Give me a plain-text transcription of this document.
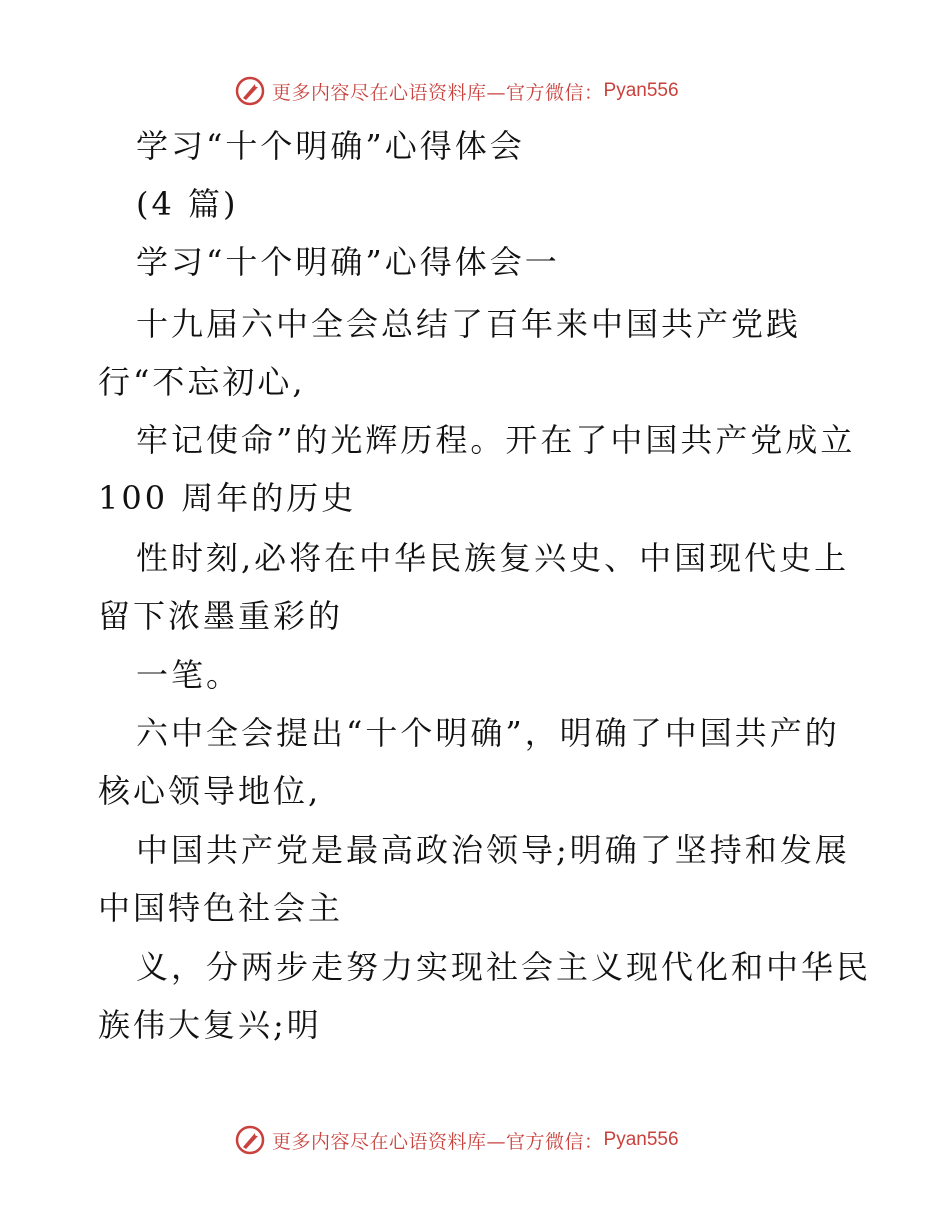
更多内容尽在心语资料库—官方微信： Pyan556
学习“十个明确”心得体会
(4 篇)
学习“十个明确”心得体会一
十九届六中全会总结了百年来中国共产党践
行“不忘初心,
牢记使命”的光辉历程。开在了中国共产党成立
100 周年的历史
性时刻,必将在中华民族复兴史、中国现代史上
留下浓墨重彩的
一笔。
六中全会提出“十个明确”，明确了中国共产的
核心领导地位,
中国共产党是最高政治领导;明确了坚持和发展
中国特色社会主
义，分两步走努力实现社会主义现代化和中华民
族伟大复兴;明
更多内容尽在心语资料库—官方微信： Pyan556
